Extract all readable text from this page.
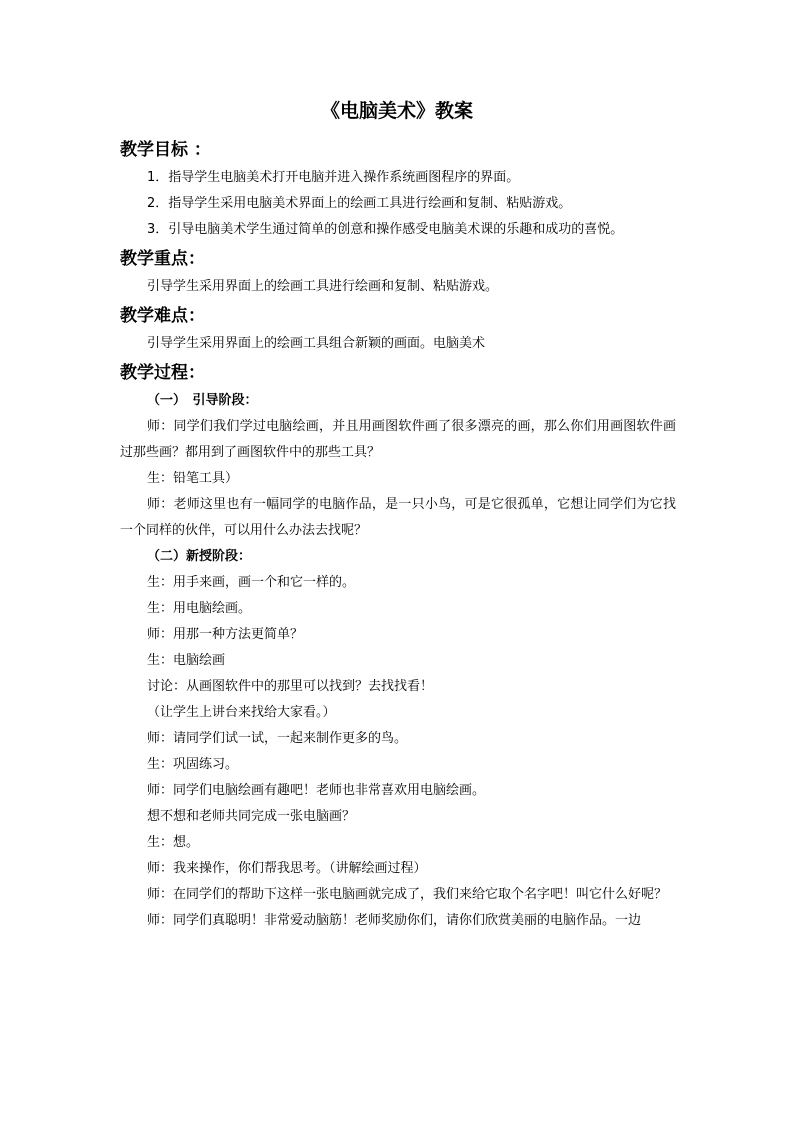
《电脑美术》教案
教学目标 ：
1．指导学生电脑美术打开电脑并进入操作系统画图程序的界面。
2．指导学生采用电脑美术界面上的绘画工具进行绘画和复制、粘贴游戏。
3．引导电脑美术学生通过简单的创意和操作感受电脑美术课的乐趣和成功的喜悦。
教学重点：
引导学生采用界面上的绘画工具进行绘画和复制、粘贴游戏。
教学难点：
引导学生采用界面上的绘画工具组合新颖的画面。电脑美术
教学过程：
（一）　引导阶段：
师：同学们我们学过电脑绘画，并且用画图软件画了很多漂亮的画，那么你们用画图软件画过那些画？都用到了画图软件中的那些工具？
生：铅笔工具）
师：老师这里也有一幅同学的电脑作品，是一只小鸟，可是它很孤单，它想让同学们为它找一个同样的伙伴，可以用什么办法去找呢？
（二）新授阶段：
生：用手来画，画一个和它一样的。
生：用电脑绘画。
师：用那一种方法更简单？
生：电脑绘画
讨论：从画图软件中的那里可以找到？去找找看！
（让学生上讲台来找给大家看。）
师：请同学们试一试，一起来制作更多的鸟。
生：巩固练习。
师：同学们电脑绘画有趣吧！老师也非常喜欢用电脑绘画。
想不想和老师共同完成一张电脑画？
生：想。
师：我来操作，你们帮我思考。（讲解绘画过程）
师：在同学们的帮助下这样一张电脑画就完成了，我们来给它取个名字吧！叫它什么好呢？
师：同学们真聪明！非常爱动脑筋！老师奖励你们，请你们欣赏美丽的电脑作品。一边
